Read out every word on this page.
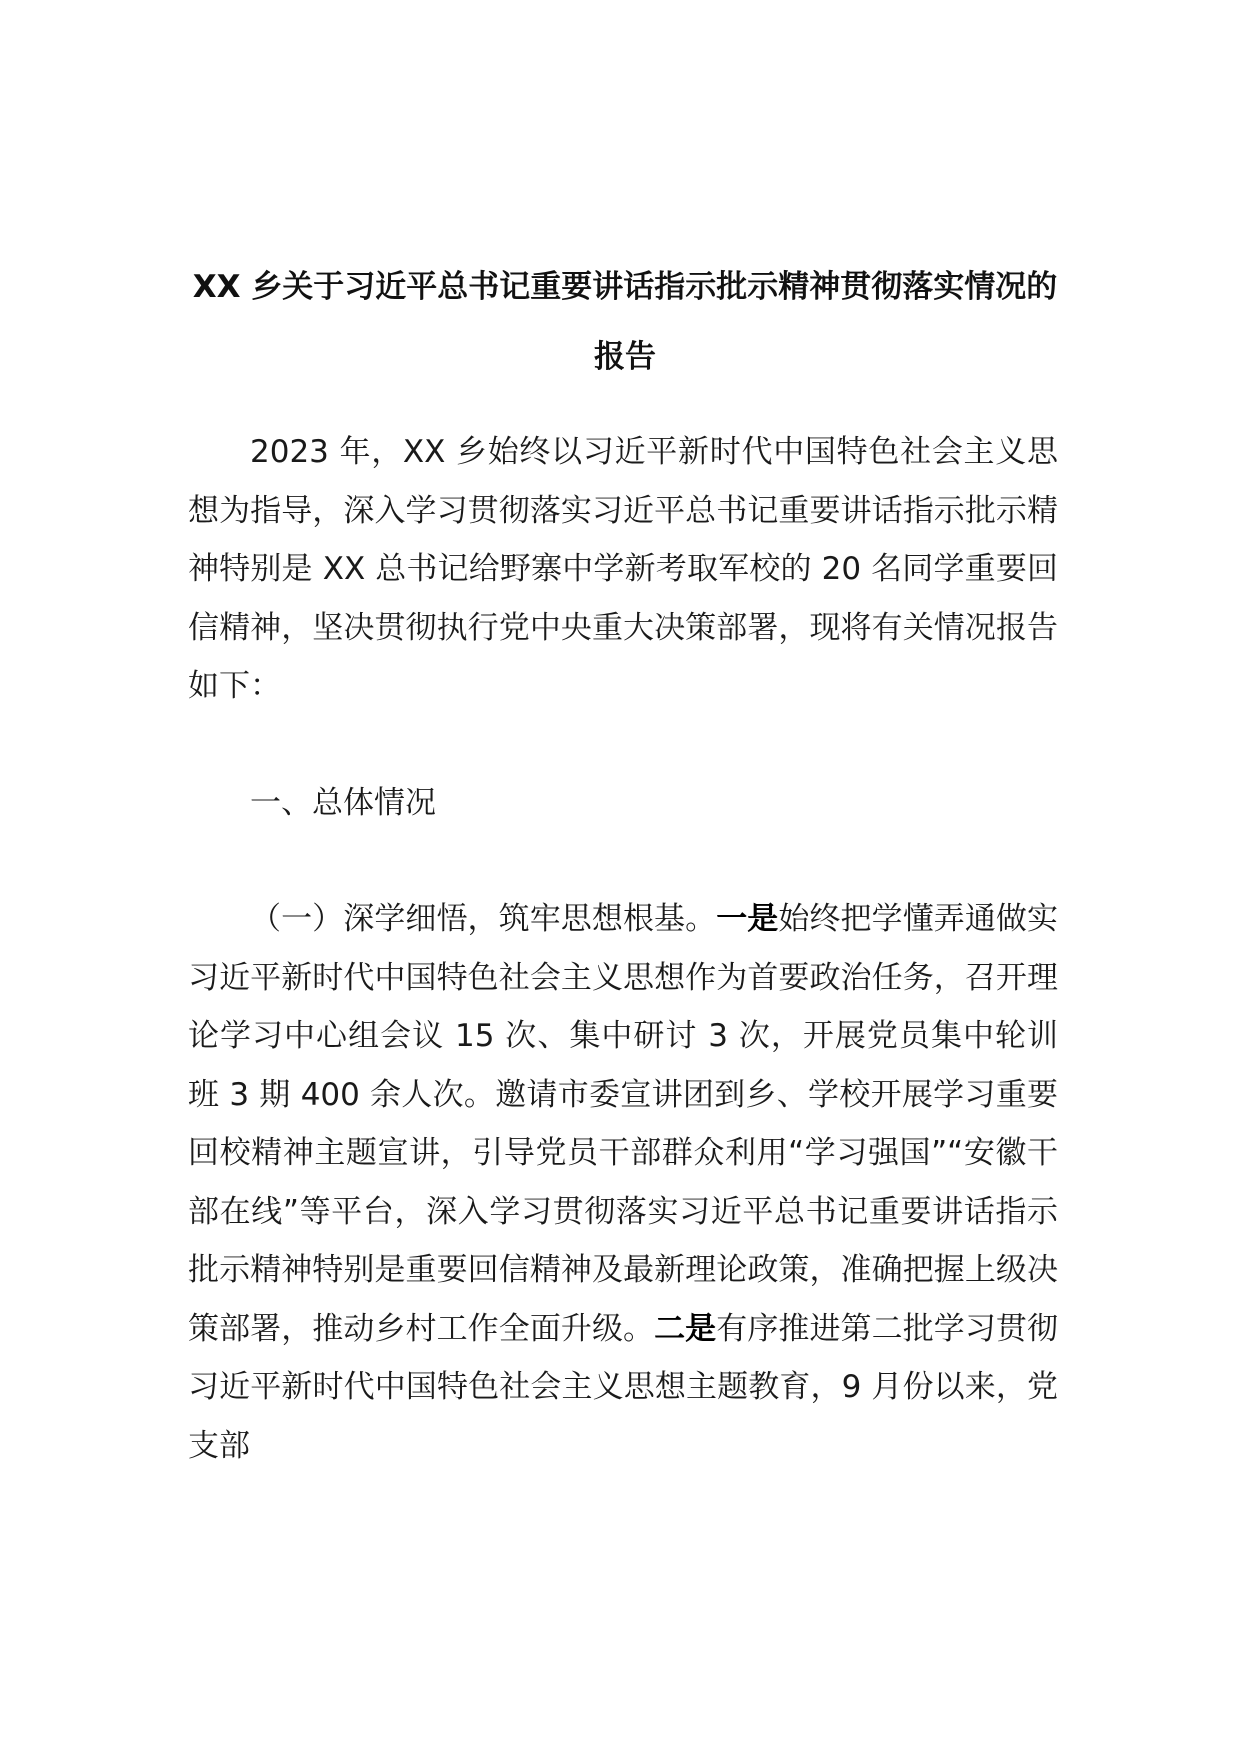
XX 乡关于习近平总书记重要讲话指示批示精神贯彻落实情况的报告

2023 年，XX 乡始终以习近平新时代中国特色社会主义思想为指导，深入学习贯彻落实习近平总书记重要讲话指示批示精神特别是 XX 总书记给野寨中学新考取军校的 20 名同学重要回信精神，坚决贯彻执行党中央重大决策部署，现将有关情况报告如下：

一、总体情况

（一）深学细悟，筑牢思想根基。一是始终把学懂弄通做实习近平新时代中国特色社会主义思想作为首要政治任务，召开理论学习中心组会议 15 次、集中研讨 3 次，开展党员集中轮训班 3 期 400 余人次。邀请市委宣讲团到乡、学校开展学习重要回校精神主题宣讲，引导党员干部群众利用“学习强国”“安徽干部在线”等平台，深入学习贯彻落实习近平总书记重要讲话指示批示精神特别是重要回信精神及最新理论政策，准确把握上级决策部署，推动乡村工作全面升级。二是有序推进第二批学习贯彻习近平新时代中国特色社会主义思想主题教育，9 月份以来，党支部
